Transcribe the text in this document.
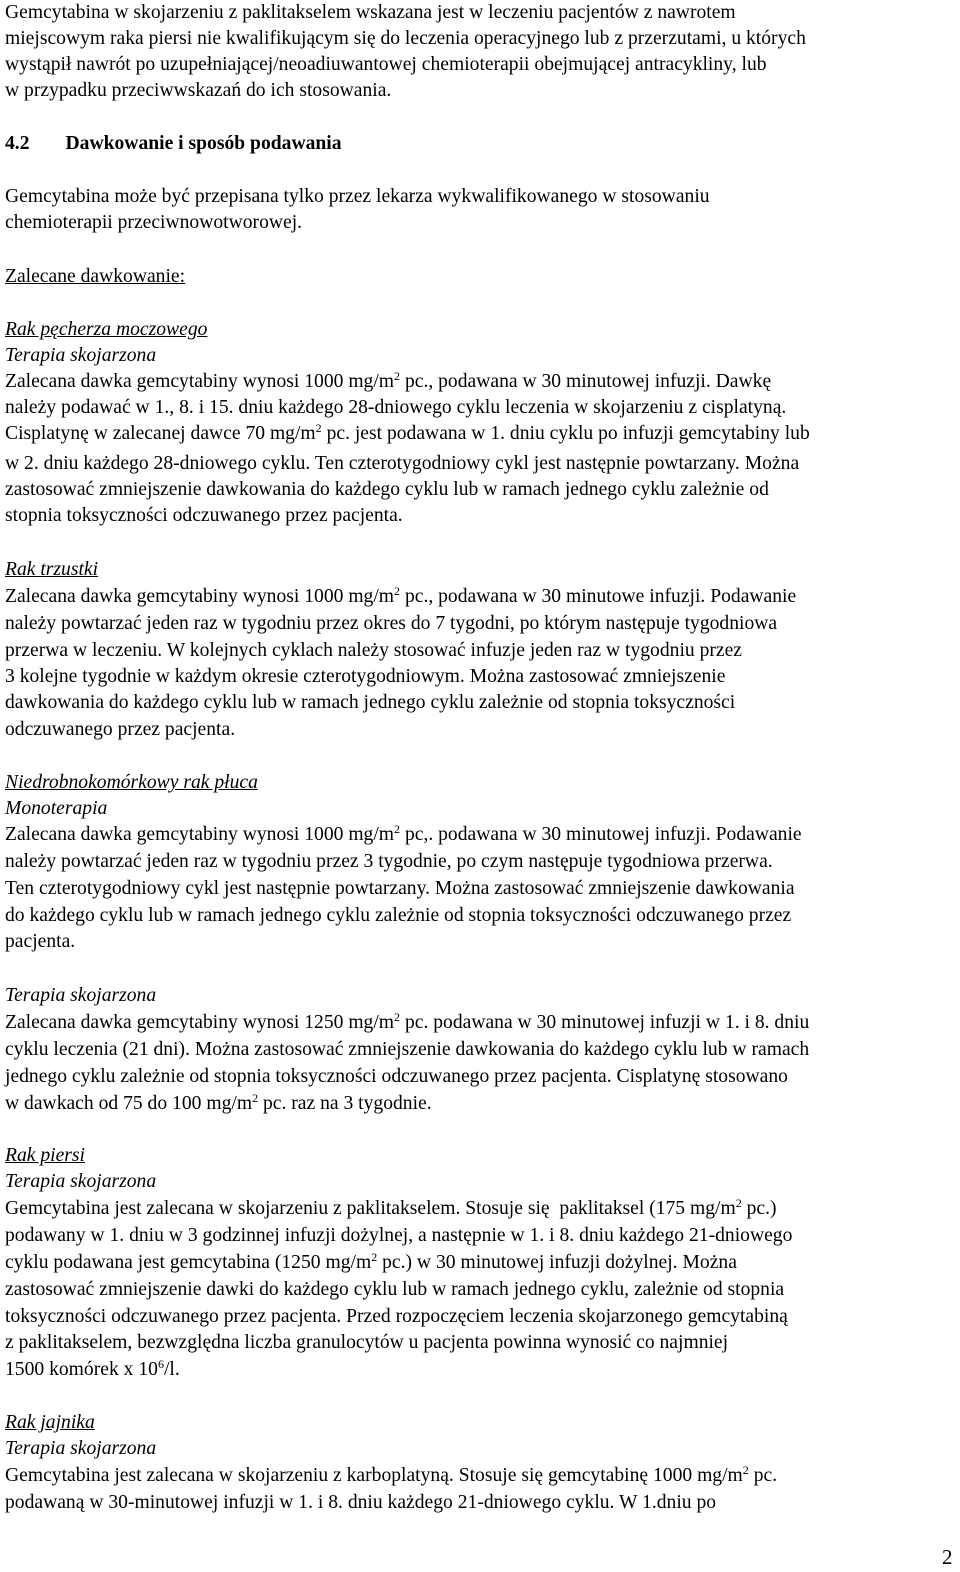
Gemcytabina w skojarzeniu z paklitakselem wskazana jest w leczeniu pacjentów z nawrotem

miejscowym raka piersi nie kwalifikującym się do leczenia operacyjnego lub z przerzutami, u których

wystąpił nawrót po uzupełniającej/neoadiuwantowej chemioterapii obejmującej antracykliny, lub

w przypadku przeciwwskazań do ich stosowania.

4.2 Dawkowanie i sposób podawania

Gemcytabina może być przepisana tylko przez lekarza wykwalifikowanego w stosowaniu

chemioterapii przeciwnowotworowej.

Zalecane dawkowanie:

Rak pęcherza moczowego

Terapia skojarzona

Zalecana dawka gemcytabiny wynosi 1000 $mg/m^2$ pc., podawana w 30 minutowej infuzji. Dawkę

należy podawać w 1., 8. i 15. dniu każdego 28-dniowego cyklu leczenia w skojarzeniu z cisplatyną.

Cisplatynę w zalecanej dawce 70 $mg/m^2$ pc. jest podawana w 1. dniu cyklu po infuzji gemcytabiny lub

w 2. dniu każdego 28-dniowego cyklu. Ten czterotygodniowy cykl jest następnie powtarzany. Można

zastosować zmniejszenie dawkowania do każdego cyklu lub w ramach jednego cyklu zależnie od

stopnia toksyczności odczuwanego przez pacjenta.

Rak trzustki

Zalecana dawka gemcytabiny wynosi 1000 $mg/m^2$ pc., podawana w 30 minutowe infuzji. Podawanie

należy powtarzać jeden raz w tygodniu przez okres do 7 tygodni, po którym następuje tygodniowa

przerwa w leczeniu. W kolejnych cyklach należy stosować infuzje jeden raz w tygodniu przez

3 kolejne tygodnie w każdym okresie czterotygodniowym. Można zastosować zmniejszenie

dawkowania do każdego cyklu lub w ramach jednego cyklu zależnie od stopnia toksyczności

odczuwanego przez pacjenta.

Niedrobnokomórkowy rak płuca

Monoterapia

Zalecana dawka gemcytabiny wynosi 1000 $mg/m^2$ pc,. podawana w 30 minutowej infuzji. Podawanie

należy powtarzać jeden raz w tygodniu przez 3 tygodnie, po czym następuje tygodniowa przerwa.

Ten czterotygodniowy cykl jest następnie powtarzany. Można zastosować zmniejszenie dawkowania

do każdego cyklu lub w ramach jednego cyklu zależnie od stopnia toksyczności odczuwanego przez

pacjenta.

Terapia skojarzona

Zalecana dawka gemcytabiny wynosi 1250 $mg/m^2$ pc. podawana w 30 minutowej infuzji w 1. i 8. dniu

cyklu leczenia (21 dni). Można zastosować zmniejszenie dawkowania do każdego cyklu lub w ramach

jednego cyklu zależnie od stopnia toksyczności odczuwanego przez pacjenta. Cisplatynę stosowano

w dawkach od 75 do 100 $mg/m^2$ pc. raz na 3 tygodnie.

Rak piersi

Terapia skojarzona

Gemcytabina jest zalecana w skojarzeniu z paklitakselem. Stosuje się  paklitaksel (175 $mg/m^2$ pc.)

podawany w 1. dniu w 3 godzinnej infuzji dożylnej, a następnie w 1. i 8. dniu każdego 21-dniowego

cyklu podawana jest gemcytabina (1250 $mg/m^2$ pc.) w 30 minutowej infuzji dożylnej. Można

zastosować zmniejszenie dawki do każdego cyklu lub w ramach jednego cyklu, zależnie od stopnia

toksyczności odczuwanego przez pacjenta. Przed rozpoczęciem leczenia skojarzonego gemcytabiną

z paklitakselem, bezwzględna liczba granulocytów u pacjenta powinna wynosić co najmniej

1500 komórek x $10^6/l$.

Rak jajnika

Terapia skojarzona

Gemcytabina jest zalecana w skojarzeniu z karboplatyną. Stosuje się gemcytabinę 1000 $mg/m^2$ pc.

podawaną w 30-minutowej infuzji w 1. i 8. dniu każdego 21-dniowego cyklu. W 1.dniu po

2
